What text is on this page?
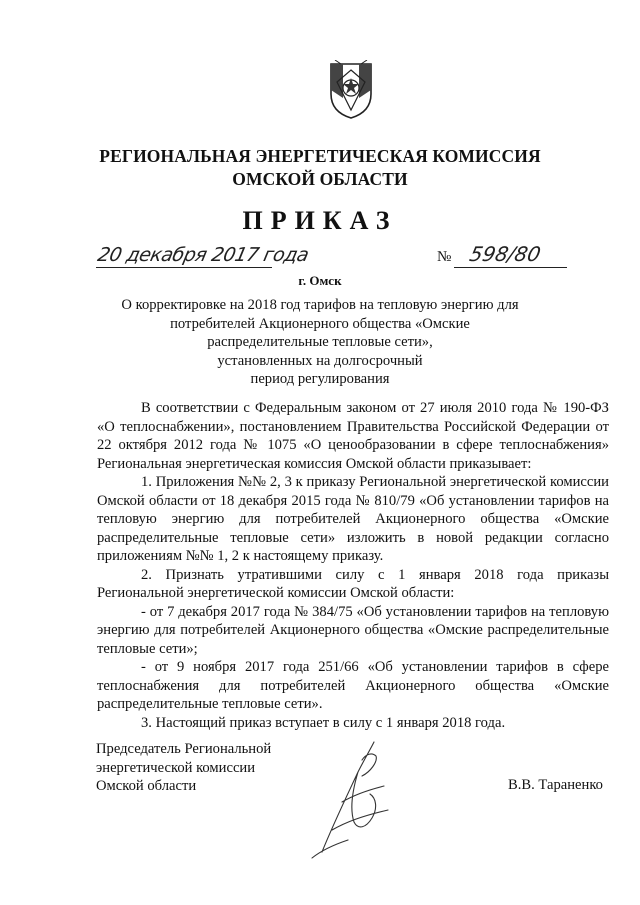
РЕГИОНАЛЬНАЯ ЭНЕРГЕТИЧЕСКАЯ КОМИССИЯ
ОМСКОЙ ОБЛАСТИ
ПРИКАЗ
20 декабря 2017 года	№ 598/80
г. Омск
О корректировке на 2018 год тарифов на тепловую энергию для
потребителей Акционерного общества «Омские
распределительные тепловые сети»,
установленных на долгосрочный
период регулирования

В соответствии с Федеральным законом от 27 июля 2010 года № 190-ФЗ «О теплоснабжении», постановлением Правительства Российской Федерации от 22 октября 2012 года № 1075 «О ценообразовании в сфере теплоснабжения» Региональная энергетическая комиссия Омской области приказывает:

1. Приложения №№ 2, 3 к приказу Региональной энергетической комиссии Омской области от 18 декабря 2015 года № 810/79 «Об установлении тарифов на тепловую энергию для потребителей Акционерного общества «Омские распределительные тепловые сети» изложить в новой редакции согласно приложениям №№ 1, 2 к настоящему приказу.

2. Признать утратившими силу с 1 января 2018 года приказы Региональной энергетической комиссии Омской области:

- от 7 декабря 2017 года № 384/75 «Об установлении тарифов на тепловую энергию для потребителей Акционерного общества «Омские распределительные тепловые сети»;

- от 9 ноября 2017 года 251/66 «Об установлении тарифов в сфере теплоснабжения для потребителей Акционерного общества «Омские распределительные тепловые сети».

3. Настоящий приказ вступает в силу с 1 января 2018 года.

Председатель Региональной
энергетической комиссии
Омской области	В.В. Тараненко
